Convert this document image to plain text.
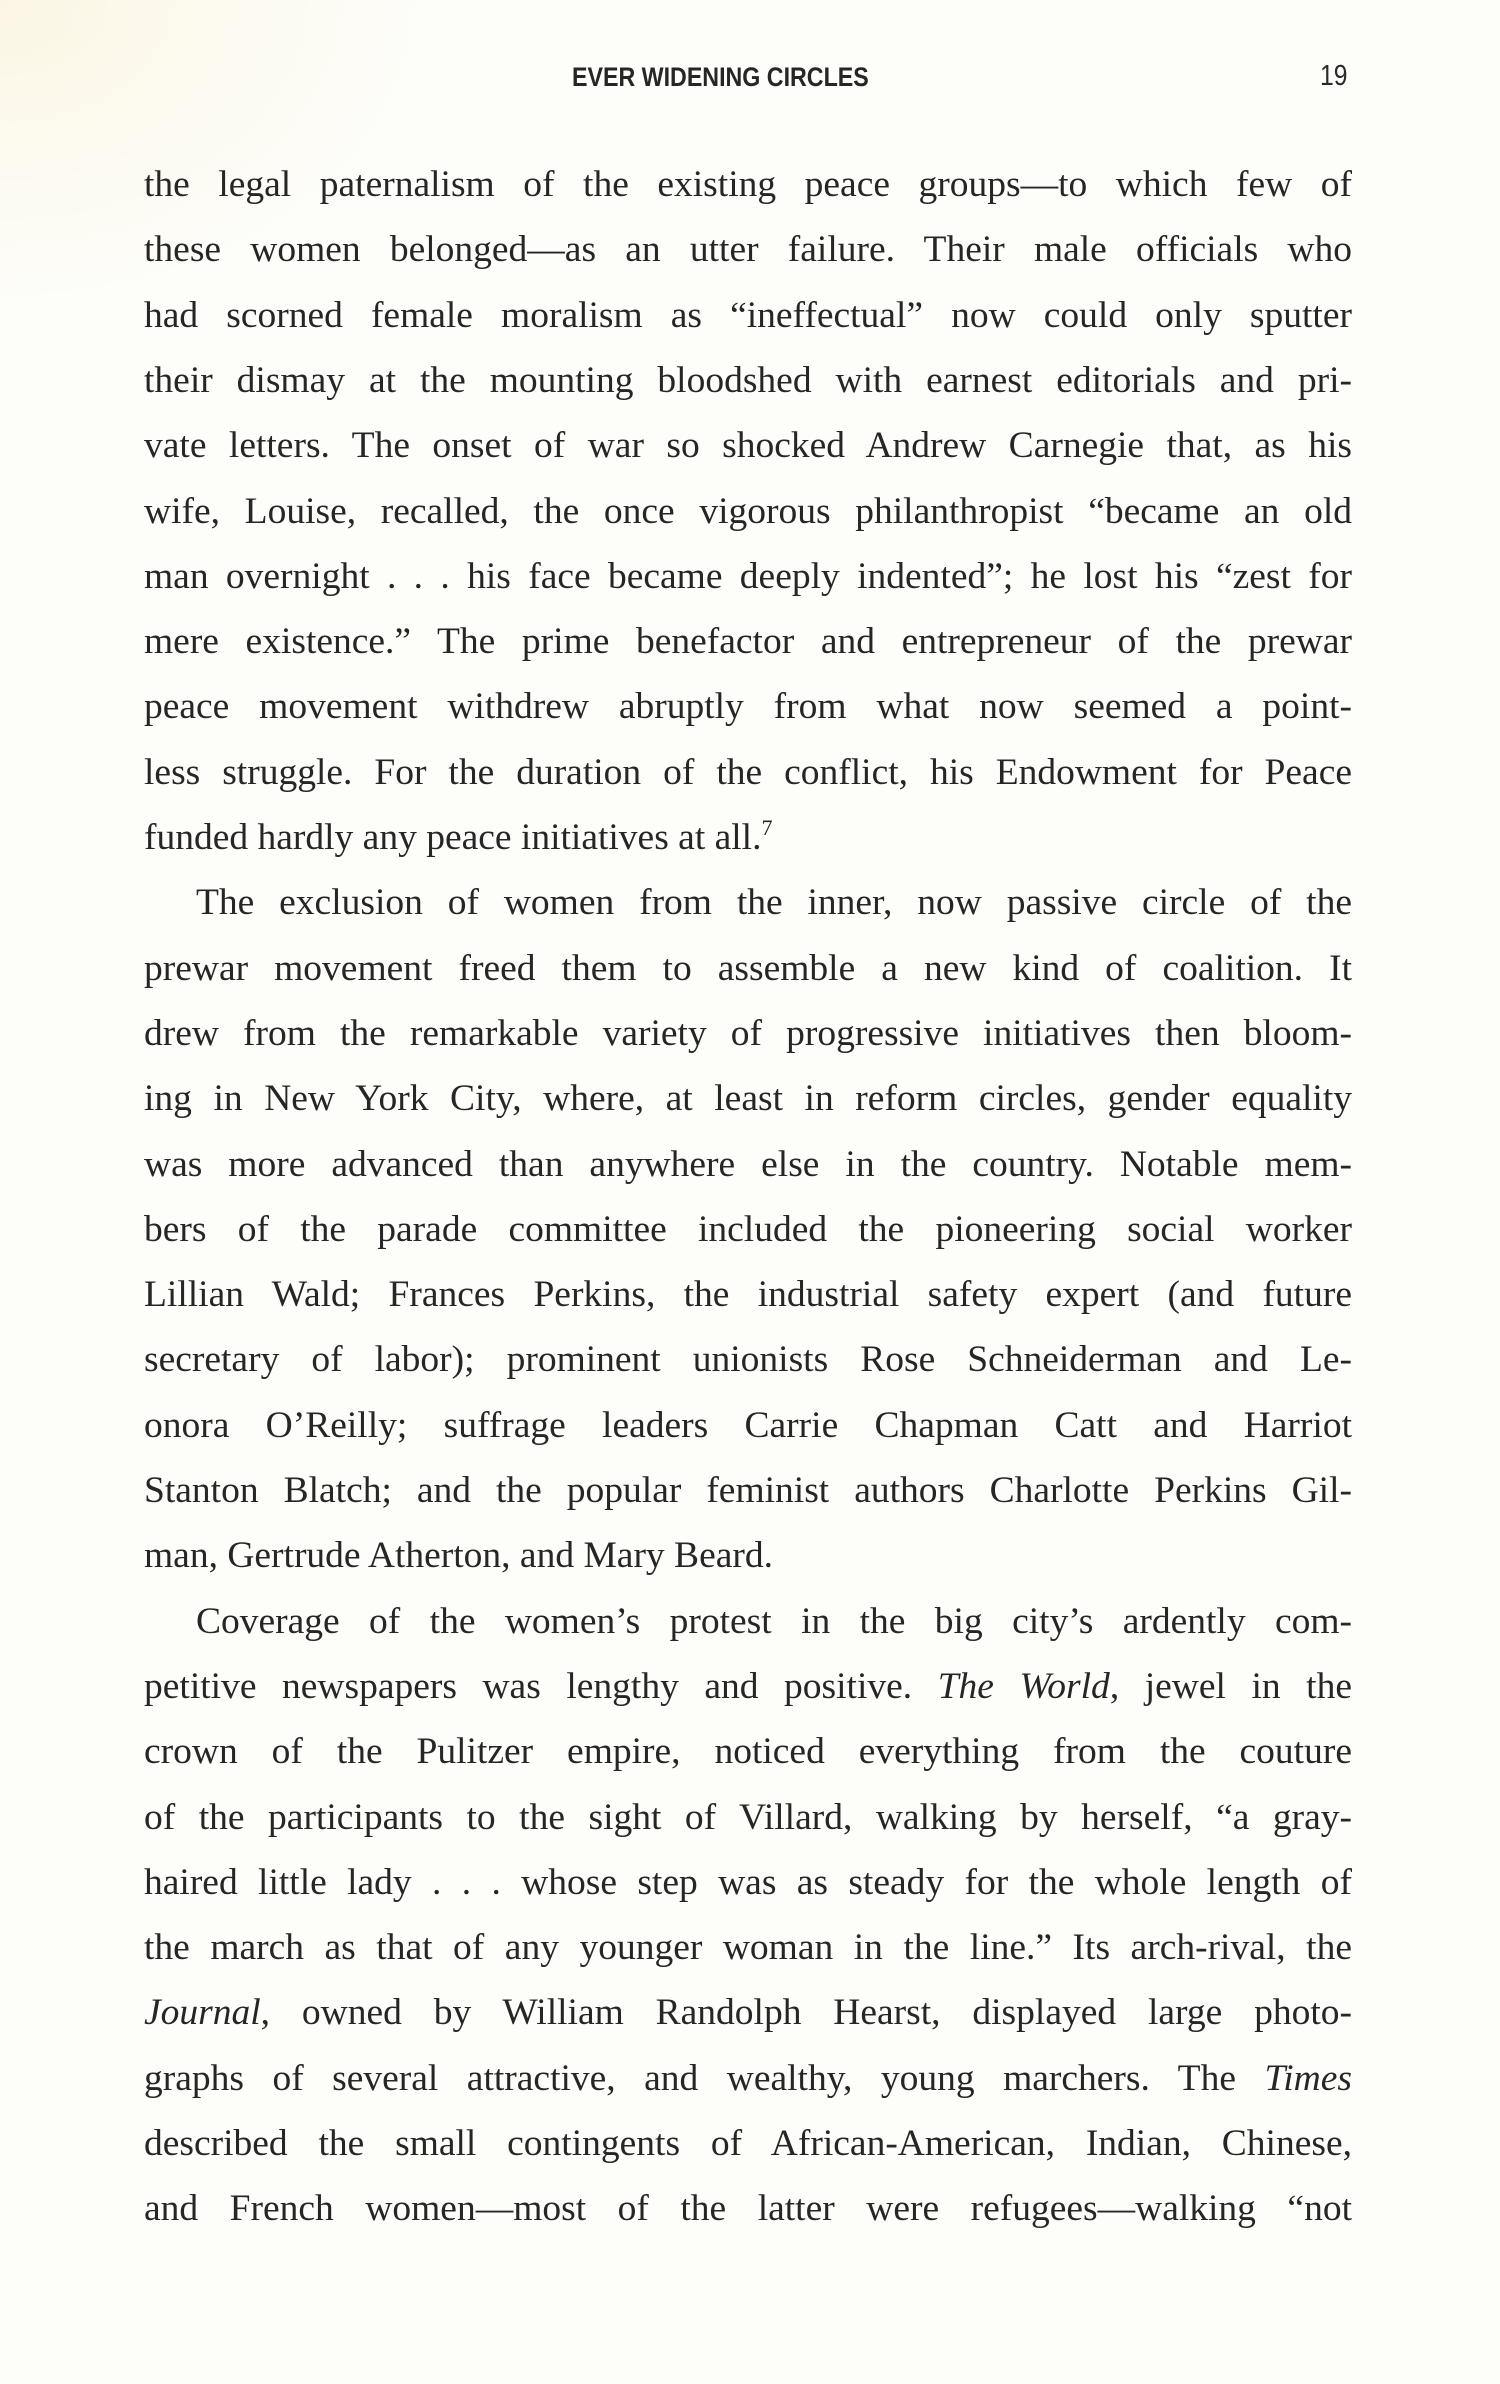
EVER WIDENING CIRCLES	19
the legal paternalism of the existing peace groups—to which few of
these women belonged—as an utter failure. Their male officials who
had scorned female moralism as “ineffectual” now could only sputter
their dismay at the mounting bloodshed with earnest editorials and pri-
vate letters. The onset of war so shocked Andrew Carnegie that, as his
wife, Louise, recalled, the once vigorous philanthropist “became an old
man overnight . . . his face became deeply indented”; he lost his “zest for
mere existence.” The prime benefactor and entrepreneur of the prewar
peace movement withdrew abruptly from what now seemed a point-
less struggle. For the duration of the conflict, his Endowment for Peace
funded hardly any peace initiatives at all.$^7$
The exclusion of women from the inner, now passive circle of the
prewar movement freed them to assemble a new kind of coalition. It
drew from the remarkable variety of progressive initiatives then bloom-
ing in New York City, where, at least in reform circles, gender equality
was more advanced than anywhere else in the country. Notable mem-
bers of the parade committee included the pioneering social worker
Lillian Wald; Frances Perkins, the industrial safety expert (and future
secretary of labor); prominent unionists Rose Schneiderman and Le-
onora O’Reilly; suffrage leaders Carrie Chapman Catt and Harriot
Stanton Blatch; and the popular feminist authors Charlotte Perkins Gil-
man, Gertrude Atherton, and Mary Beard.
Coverage of the women’s protest in the big city’s ardently com-
petitive newspapers was lengthy and positive. The World, jewel in the
crown of the Pulitzer empire, noticed everything from the couture
of the participants to the sight of Villard, walking by herself, “a gray-
haired little lady . . . whose step was as steady for the whole length of
the march as that of any younger woman in the line.” Its arch-rival, the
Journal, owned by William Randolph Hearst, displayed large photo-
graphs of several attractive, and wealthy, young marchers. The Times
described the small contingents of African-American, Indian, Chinese,
and French women—most of the latter were refugees—walking “not
